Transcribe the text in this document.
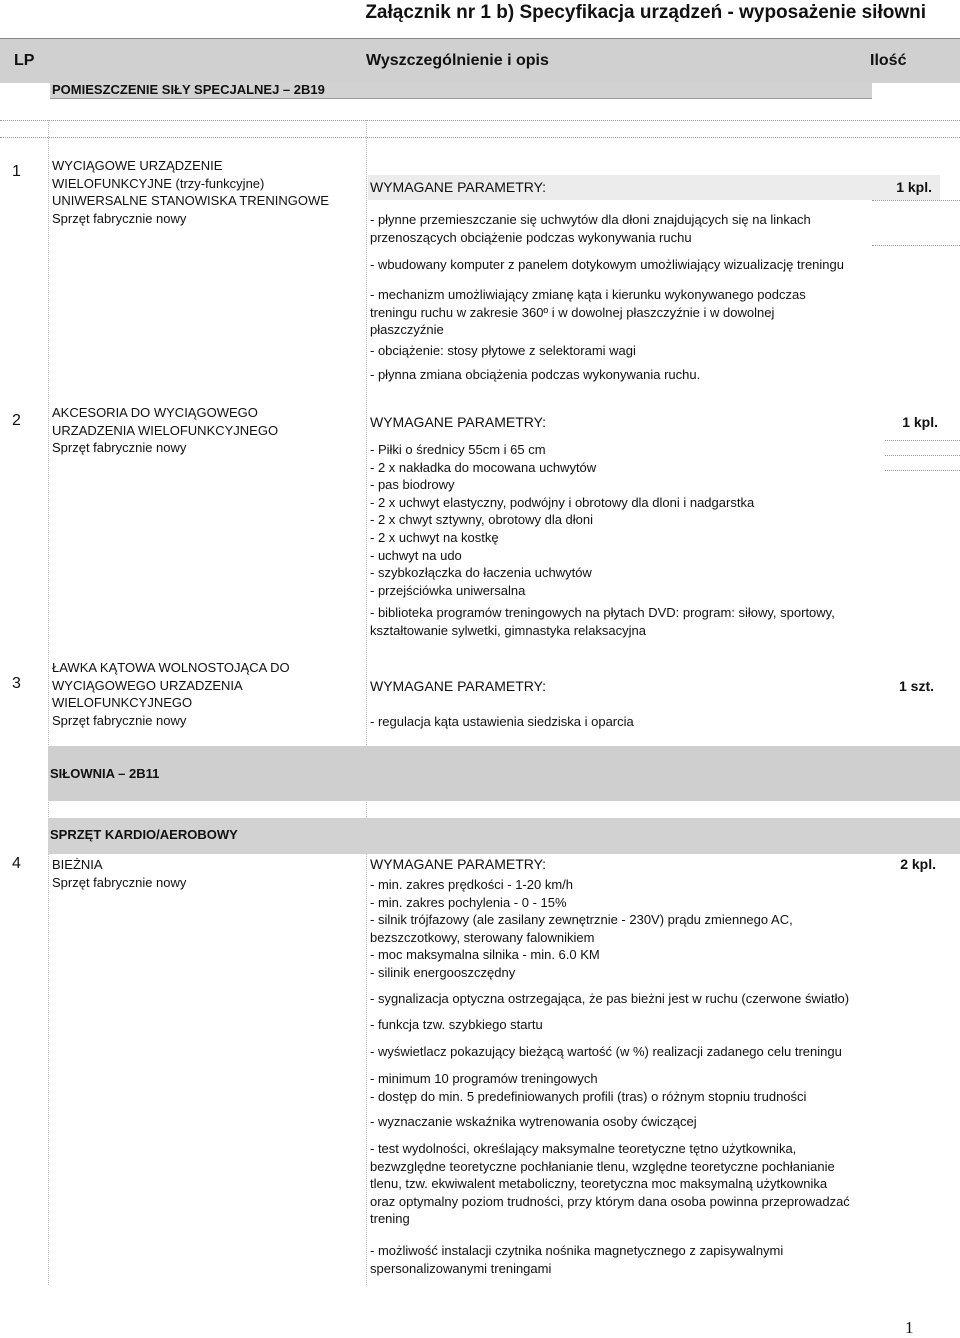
Załącznik nr 1 b) Specyfikacja urządzeń - wyposażenie siłowni
LP	Wyszczególnienie i opis	Ilość
POMIESZCZENIE SIŁY SPECJALNEJ – 2B19
1 WYCIĄGOWE URZĄDZENIE
WIELOFUNKCYJNE (trzy-funkcyjne)
UNIWERSALNE STANOWISKA TRENINGOWE
Sprzęt fabrycznie nowy
WYMAGANE PARAMETRY:	1 kpl.
- płynne przemieszczanie się uchwytów dla dłoni znajdujących się na linkach
przenoszących obciążenie podczas wykonywania ruchu
- wbudowany komputer z panelem dotykowym umożliwiający wizualizację treningu
- mechanizm umożliwiający zmianę kąta i kierunku wykonywanego podczas
treningu ruchu w zakresie 360º i w dowolnej płaszczyźnie i w dowolnej
płaszczyźnie
- obciążenie: stosy płytowe z selektorami wagi
- płynna zmiana obciążenia podczas wykonywania ruchu.
2 AKCESORIA DO WYCIĄGOWEGO
URZADZENIA WIELOFUNKCYJNEGO
Sprzęt fabrycznie nowy
WYMAGANE PARAMETRY:	1 kpl.
- Piłki o średnicy 55cm i 65 cm
- 2 x nakładka do mocowana uchwytów
- pas biodrowy
- 2 x uchwyt elastyczny, podwójny i obrotowy dla dloni i nadgarstka
- 2 x chwyt sztywny, obrotowy dla dłoni
- 2 x uchwyt na kostkę
- uchwyt na udo
- szybkozłączka do łaczenia uchwytów
- przejściówka uniwersalna
- biblioteka programów treningowych na płytach DVD: program: siłowy, sportowy,
kształtowanie sylwetki, gimnastyka relaksacyjna
3
ŁAWKA KĄTOWA WOLNOSTOJĄCA DO
WYCIĄGOWEGO URZADZENIA
WIELOFUNKCYJNEGO
Sprzęt fabrycznie nowy
WYMAGANE PARAMETRY:	1 szt.
- regulacja kąta ustawienia siedziska i oparcia
SIŁOWNIA – 2B11
SPRZĘT KARDIO/AEROBOWY
4 BIEŻNIA
Sprzęt fabrycznie nowy
WYMAGANE PARAMETRY:	2 kpl.
- min. zakres prędkości - 1-20 km/h
- min. zakres pochylenia - 0 - 15%
- silnik trójfazowy (ale zasilany zewnętrznie - 230V) prądu zmiennego AC,
bezszczotkowy, sterowany falownikiem
- moc maksymalna silnika - min. 6.0 KM
- silinik energooszczędny
- sygnalizacja optyczna ostrzegająca, że pas bieżni jest w ruchu (czerwone światło)
- funkcja tzw. szybkiego startu
- wyświetlacz pokazujący bieżącą wartość (w %) realizacji zadanego celu treningu
- minimum 10 programów treningowych
- dostęp do min. 5 predefiniowanych profili (tras) o różnym stopniu trudności
- wyznaczanie wskaźnika wytrenowania osoby ćwiczącej
- test wydolności, określający maksymalne teoretyczne tętno użytkownika,
bezwzględne teoretyczne pochłanianie tlenu, względne teoretyczne pochłanianie
tlenu, tzw. ekwiwalent metaboliczny, teoretyczna moc maksymalną użytkownika
oraz optymalny poziom trudności, przy którym dana osoba powinna przeprowadzać
trening
- możliwość instalacji czytnika nośnika magnetycznego z zapisywalnymi
spersonalizowanymi treningami
1
